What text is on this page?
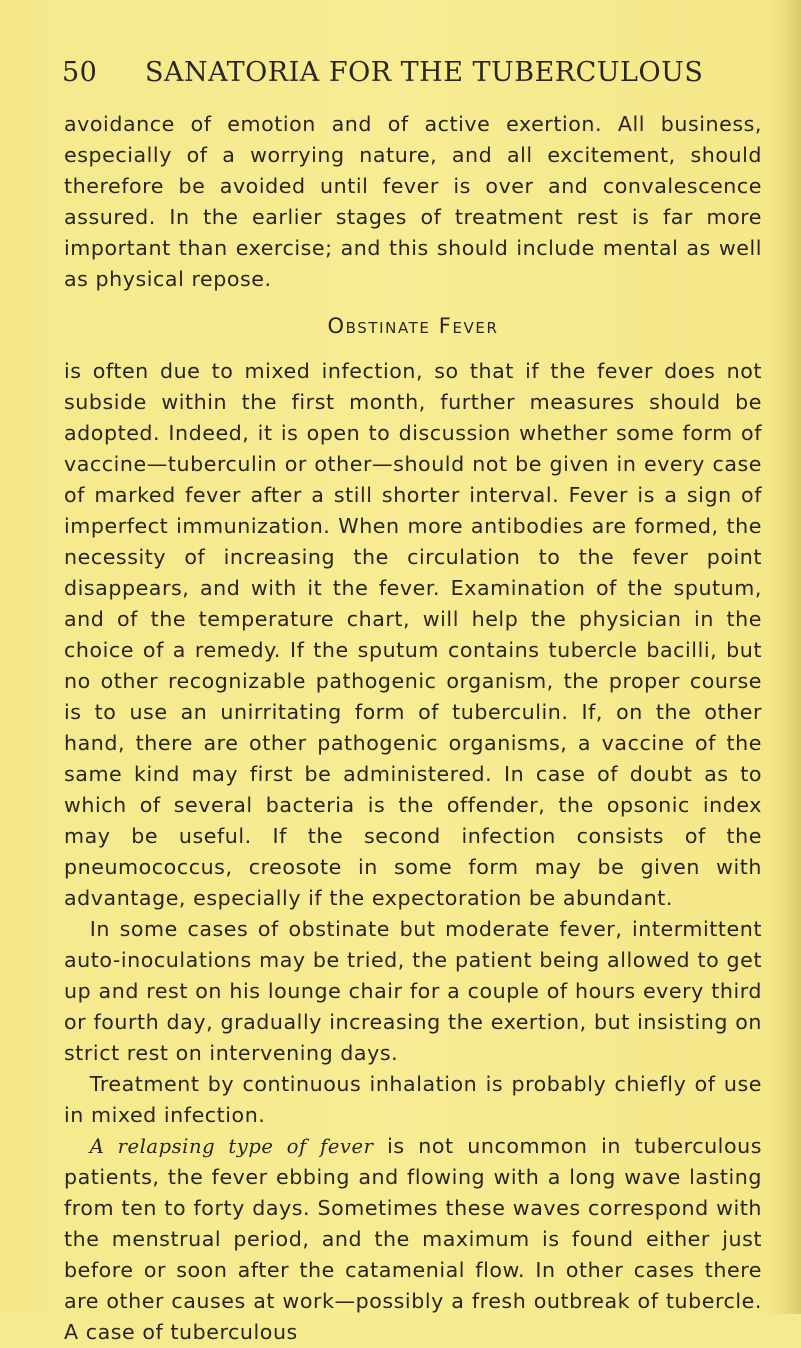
50 SANATORIA FOR THE TUBERCULOUS

avoidance of emotion and of active exertion. All business, especially of a worrying nature, and all excitement, should therefore be avoided until fever is over and convalescence assured. In the earlier stages of treatment rest is far more important than exercise; and this should include mental as well as physical repose.

Obstinate Fever

is often due to mixed infection, so that if the fever does not subside within the first month, further measures should be adopted. Indeed, it is open to discussion whether some form of vaccine—tuberculin or other—should not be given in every case of marked fever after a still shorter interval. Fever is a sign of imperfect immunization. When more antibodies are formed, the necessity of increasing the circulation to the fever point disappears, and with it the fever. Examination of the sputum, and of the temperature chart, will help the physician in the choice of a remedy. If the sputum contains tubercle bacilli, but no other recognizable pathogenic organism, the proper course is to use an unirritating form of tuberculin. If, on the other hand, there are other pathogenic organisms, a vaccine of the same kind may first be administered. In case of doubt as to which of several bacteria is the offender, the opsonic index may be useful. If the second infection consists of the pneumococcus, creosote in some form may be given with advantage, especially if the expectoration be abundant.

In some cases of obstinate but moderate fever, intermittent auto-inoculations may be tried, the patient being allowed to get up and rest on his lounge chair for a couple of hours every third or fourth day, gradually increasing the exertion, but insisting on strict rest on intervening days.

Treatment by continuous inhalation is probably chiefly of use in mixed infection.

A relapsing type of fever is not uncommon in tuberculous patients, the fever ebbing and flowing with a long wave lasting from ten to forty days. Sometimes these waves correspond with the menstrual period, and the maximum is found either just before or soon after the catamenial flow. In other cases there are other causes at work—possibly a fresh outbreak of tubercle. A case of tuberculous
